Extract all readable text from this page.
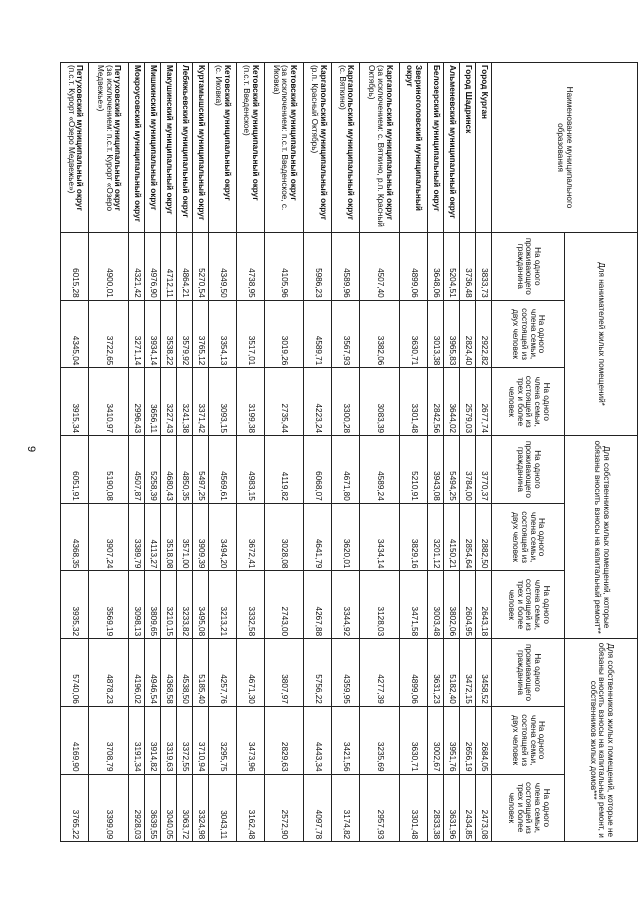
9
Наименование муниципального образования	Для нанимателей жилых помещений*			Для собственников жилых помещений, которые обязаны вносить взносы на капитальный ремонт**			Для собственников жилых помещений, которые не обязаны вносить взносы на капитальный ремонт, и собственников жилых домов***		
	На одного проживающего гражданина	На одного члена семьи, состоящей из двух человек	На одного члена семьи, состоящей из трех и более человек	На одного проживающего гражданина	На одного члена семьи, состоящей из двух человек	На одного члена семьи, состоящей из трех и более человек	На одного проживающего гражданина	На одного члена семьи, состоящей из двух человек	На одного члена семьи, состоящей из трех и более человек
Город Курган	3833,73	2922,82	2677,74	3770,37	2882,50	2643,18	3458,52	2684,05	2473,08
Город Шадринск	3736,48	2824,40	2579,03	3784,00	2854,64	2604,95	3472,15	2656,19	2434,85
Альменевский муниципальный округ	5204,51	3965,83	3644,02	5494,25	4150,21	3802,06	5182,40	3951,76	3631,96
Белозерский муниципальный округ	3648,06	3013,38	2842,56	3943,08	3201,12	3003,48	3631,23	3002,67	2833,38
Звериноголовский муниципальный округ	4899,06	3630,71	3301,48	5210,91	3829,16	3471,58	4899,06	3630,71	3301,48
Каргапольский муниципальный округ
(за исключением: с. Вяткино, р.п. Красный Октябрь)	4507,40	3382,06	3083,39	4589,24	3434,14	3128,03	4277,39	3235,69	2957,93
Каргапольский муниципальный округ
(с. Вяткино)	4589,96	3567,93	3300,28	4671,80	3620,01	3344,92	4359,95	3421,56	3174,82
Каргапольский муниципальный округ
(р.п. Красный Октябрь)	5986,23	4589,71	4223,24	6068,07	4641,79	4267,88	5756,22	4443,34	4097,78
Кетовский муниципальный округ
(за исключением: п.с.т. Введенское, с. Иковка)	4105,96	3019,26	2735,44	4119,82	3028,08	2743,00	3807,97	2829,63	2572,90
Кетовский муниципальный округ
(п.с.т. Введенское)	4738,95	3517,01	3199,38	4983,15	3672,41	3332,58	4671,30	3473,96	3162,48
Кетовский муниципальный округ
(с. Иковка)	4349,50	3354,13	3093,15	4569,61	3494,20	3213,21	4257,76	3295,75	3043,11
Куртамышский муниципальный округ	5270,54	3765,12	3371,42	5497,25	3909,39	3495,08	5185,40	3710,94	3324,98
Лебяжьевский муниципальный округ	4864,21	3579,92	3241,38	4850,35	3571,00	3233,82	4538,50	3372,55	3063,72
Макушинский муниципальный округ	4712,11	3538,22	3227,43	4680,43	3518,08	3210,15	4368,58	3319,63	3040,05
Мишкинский муниципальный округ	4976,90	3934,14	3656,11	5258,39	4113,27	3809,65	4946,54	3914,82	3639,55
Мокроусовский муниципальный округ	4321,42	3271,14	2996,43	4507,87	3389,79	3098,13	4196,02	3191,34	2928,03
Петуховский муниципальный округ
(за исключением: п.с.т. Курорт «Озеро Медвежье»)	4900,01	3722,65	3410,97	5190,08	3907,24	3569,19	4878,23	3708,79	3399,09
Петуховский муниципальный округ
(п.с.т. Курорт «Озеро Медвежье»)	6015,28	4345,04	3915,34	6051,91	4368,35	3935,32	5740,06	4169,90	3765,22
